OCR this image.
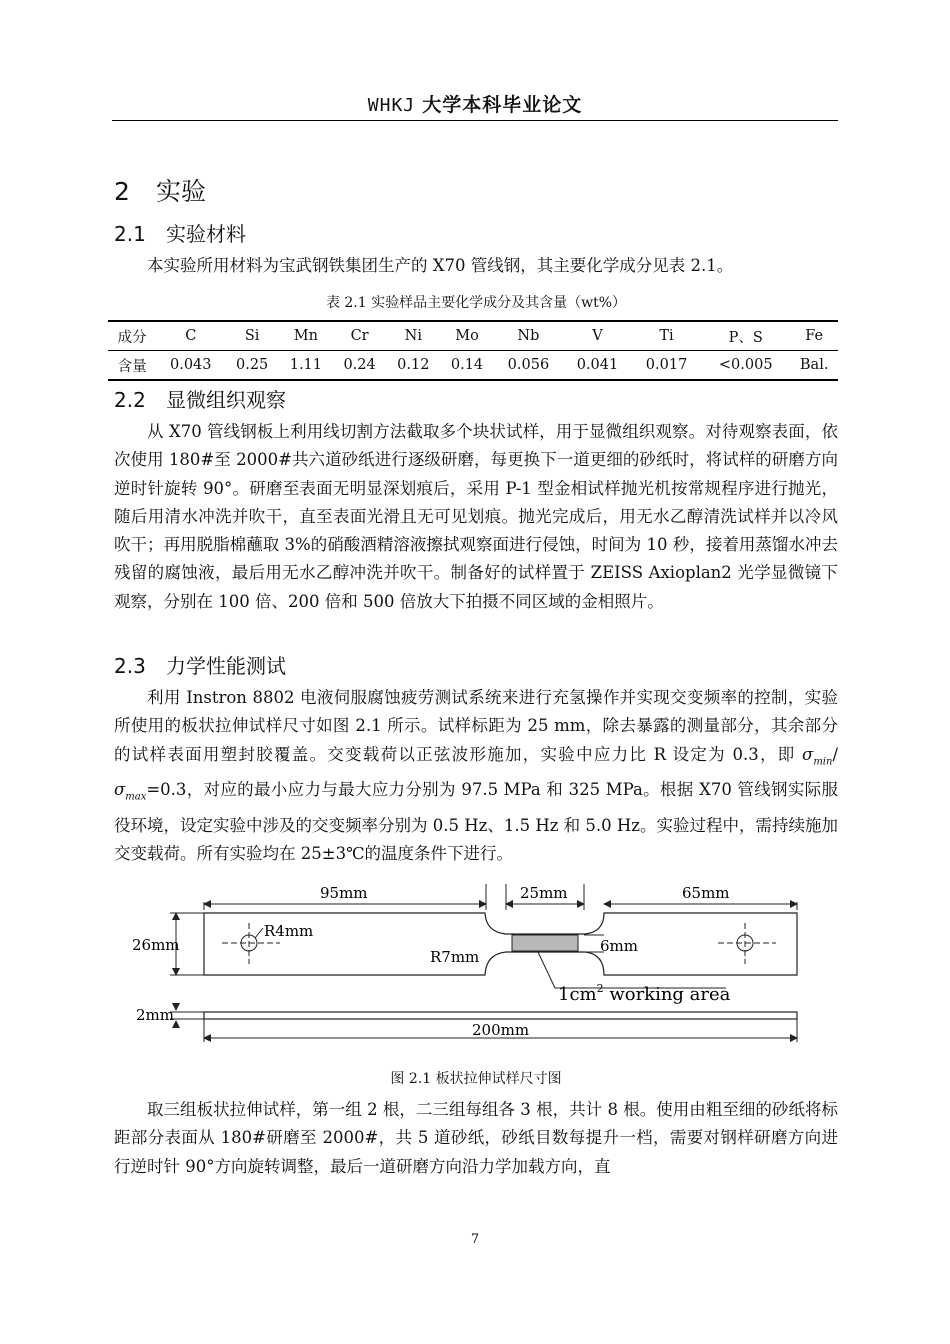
WHKJ 大学本科毕业论文
2 实验
2.1 实验材料

本实验所用材料为宝武钢铁集团生产的 X70 管线钢，其主要化学成分见表 2.1。

表 2.1 实验样品主要化学成分及其含量（wt%）
成分	C	Si	Mn	Cr	Ni	Mo	Nb	V	Ti	P、S	Fe
含量	0.043	0.25	1.11	0.24	0.12	0.14	0.056	0.041	0.017	<0.005	Bal.
2.2 显微组织观察

从 X70 管线钢板上利用线切割方法截取多个块状试样，用于显微组织观察。对待观察表面，依次使用 180#至 2000#共六道砂纸进行逐级研磨，每更换下一道更细的砂纸时，将试样的研磨方向逆时针旋转 90°。研磨至表面无明显深划痕后，采用 P-1 型金相试样抛光机按常规程序进行抛光，随后用清水冲洗并吹干，直至表面光滑且无可见划痕。抛光完成后，用无水乙醇清洗试样并以冷风吹干；再用脱脂棉蘸取 3%的硝酸酒精溶液擦拭观察面进行侵蚀，时间为 10 秒，接着用蒸馏水冲去残留的腐蚀液，最后用无水乙醇冲洗并吹干。制备好的试样置于 ZEISS Axioplan2 光学显微镜下观察，分别在 100 倍、200 倍和 500 倍放大下拍摄不同区域的金相照片。

2.3 力学性能测试

利用 Instron 8802 电液伺服腐蚀疲劳测试系统来进行充氢操作并实现交变频率的控制，实验所使用的板状拉伸试样尺寸如图 2.1 所示。试样标距为 25 mm，除去暴露的测量部分，其余部分的试样表面用塑封胶覆盖。交变载荷以正弦波形施加，实验中应力比 R 设定为 0.3，即 $\sigma_{min}/\sigma_{max}=0.3$，对应的最小应力与最大应力分别为 97.5 MPa 和 325 MPa。根据 X70 管线钢实际服役环境，设定实验中涉及的交变频率分别为 0.5 Hz、1.5 Hz 和 5.0 Hz。实验过程中，需持续施加交变载荷。所有实验均在 25±3℃的温度条件下进行。

95mm	25mm	65mm
26mm
R4mm
R7mm
6mm
$1cm^2$ working area
2mm
200mm
图 2.1 板状拉伸试样尺寸图

取三组板状拉伸试样，第一组 2 根，二三组每组各 3 根，共计 8 根。使用由粗至细的砂纸将标距部分表面从 180#研磨至 2000#，共 5 道砂纸，砂纸目数每提升一档，需要对钢样研磨方向进行逆时针 90°方向旋转调整，最后一道研磨方向沿力学加载方向，直

7
